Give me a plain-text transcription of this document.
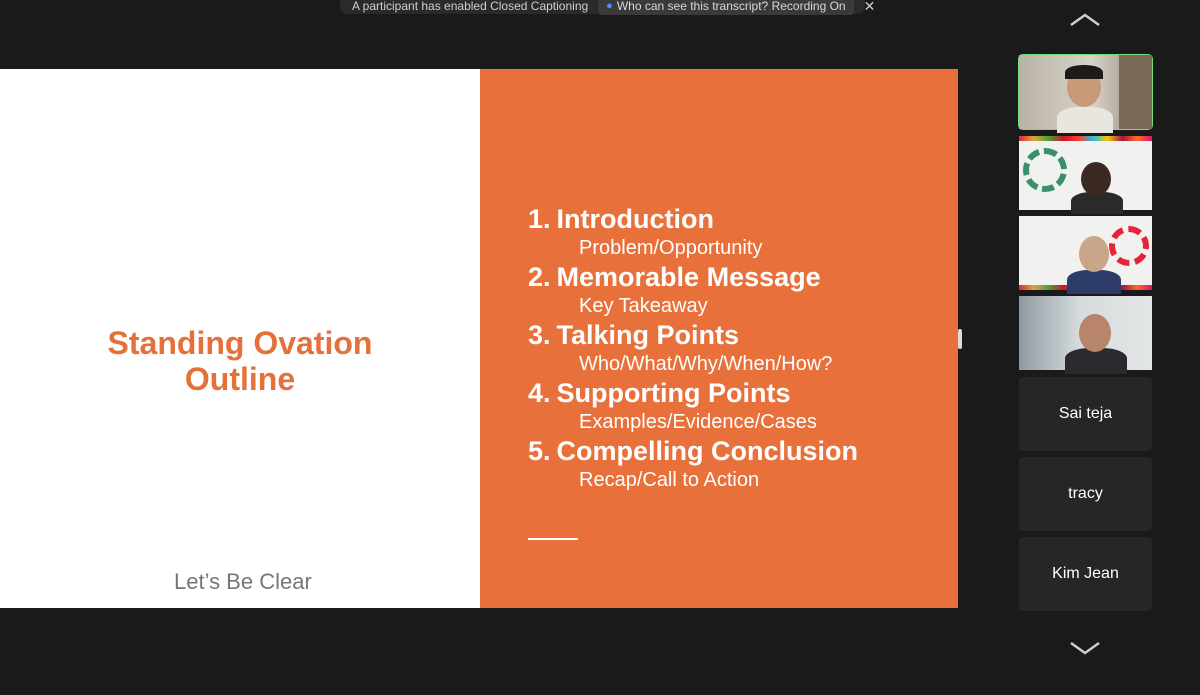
A participant has enabled Closed Captioning ● Who can see this transcript? Recording On ✕
Standing Ovation
Outline
Let’s Be Clear
1. Introduction
Problem/Opportunity
2. Memorable Message
Key Takeaway
3. Talking Points
Who/What/Why/When/How?
4. Supporting Points
Examples/Evidence/Cases
5. Compelling Conclusion
Recap/Call to Action
Sai teja
tracy
Kim Jean
